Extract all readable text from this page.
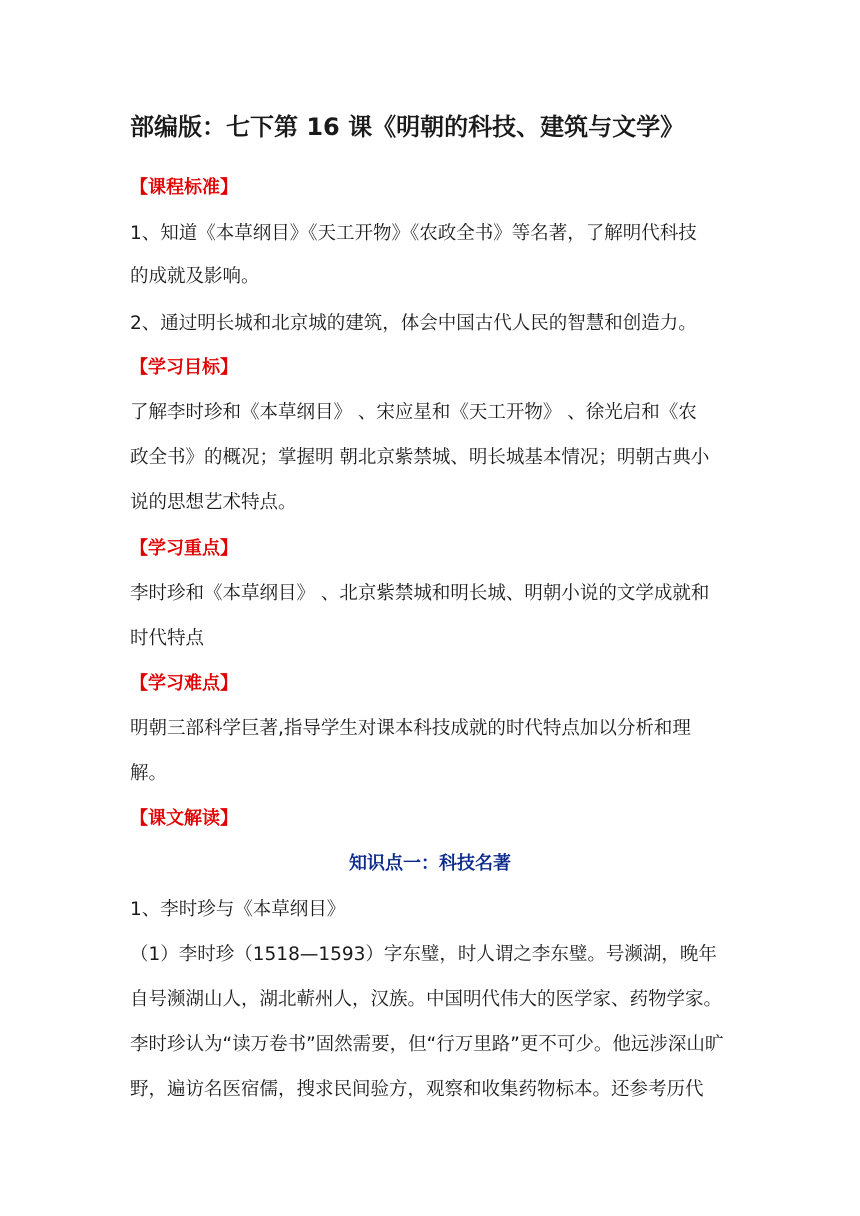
部编版：七下第 16 课《明朝的科技、建筑与文学》
【课程标准】
1、知道《本草纲目》《天工开物》《农政全书》等名著，了解明代科技
的成就及影响。
2、通过明长城和北京城的建筑，体会中国古代人民的智慧和创造力。
【学习目标】
了解李时珍和《本草纲目》 、宋应星和《天工开物》 、徐光启和《农
政全书》的概况；掌握明 朝北京紫禁城、明长城基本情况；明朝古典小
说的思想艺术特点。
【学习重点】
李时珍和《本草纲目》 、北京紫禁城和明长城、明朝小说的文学成就和
时代特点
【学习难点】
明朝三部科学巨著,指导学生对课本科技成就的时代特点加以分析和理
解。
【课文解读】
知识点一：科技名著
1、李时珍与《本草纲目》
（1）李时珍（1518—1593）字东璧，时人谓之李东璧。号濒湖，晚年
自号濒湖山人，湖北蕲州人，汉族。中国明代伟大的医学家、药物学家。
李时珍认为“读万卷书”固然需要，但“行万里路”更不可少。他远涉深山旷
野，遍访名医宿儒，搜求民间验方，观察和收集药物标本。还参考历代
